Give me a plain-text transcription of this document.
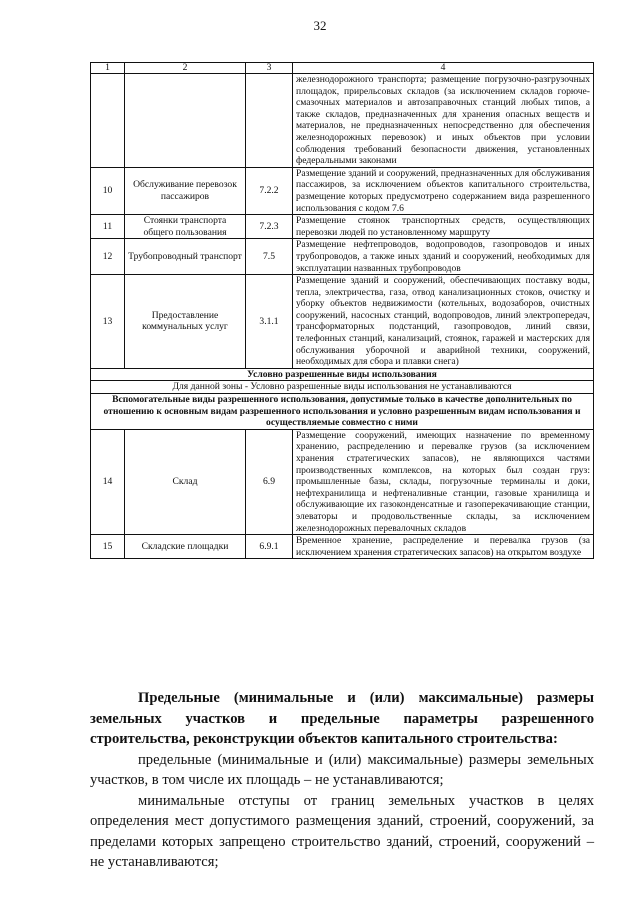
32
1	2	3	4
			железнодорожного транспорта; размещение погрузочно-разгрузочных площадок, прирельсовых складов (за исключением складов горюче-смазочных материалов и автозаправочных станций любых типов, а также складов, предназначенных для хранения опасных веществ и материалов, не предназначенных непосредственно для обеспечения железнодорожных перевозок) и иных объектов при условии соблюдения требований безопасности движения, установленных федеральными законами
10	Обслуживание перевозок пассажиров	7.2.2	Размещение зданий и сооружений, предназначенных для обслуживания пассажиров, за исключением объектов капитального строительства, размещение которых предусмотрено содержанием вида разрешенного использования с кодом 7.6
11	Стоянки транспорта общего пользования	7.2.3	Размещение стоянок транспортных средств, осуществляющих перевозки людей по установленному маршруту
12	Трубопроводный транспорт	7.5	Размещение нефтепроводов, водопроводов, газопроводов и иных трубопроводов, а также иных зданий и сооружений, необходимых для эксплуатации названных трубопроводов
13	Предоставление коммунальных услуг	3.1.1	Размещение зданий и сооружений, обеспечивающих поставку воды, тепла, электричества, газа, отвод канализационных стоков, очистку и уборку объектов недвижимости (котельных, водозаборов, очистных сооружений, насосных станций, водопроводов, линий электропередач, трансформаторных подстанций, газопроводов, линий связи, телефонных станций, канализаций, стоянок, гаражей и мастерских для обслуживания уборочной и аварийной техники, сооружений, необходимых для сбора и плавки снега)
Условно разрешенные виды использования			
Для данной зоны - Условно разрешенные виды использования не устанавливаются			
Вспомогательные виды разрешенного использования, допустимые только в качестве дополнительных по отношению к основным видам разрешенного использования и условно разрешенным видам использования и осуществляемые совместно с ними			
14	Склад	6.9	Размещение сооружений, имеющих назначение по временному хранению, распределению и перевалке грузов (за исключением хранения стратегических запасов), не являющихся частями производственных комплексов, на которых был создан груз: промышленные базы, склады, погрузочные терминалы и доки, нефтехранилища и нефтеналивные станции, газовые хранилища и обслуживающие их газоконденсатные и газоперекачивающие станции, элеваторы и продовольственные склады, за исключением железнодорожных перевалочных складов
15	Складские площадки	6.9.1	Временное хранение, распределение и перевалка грузов (за исключением хранения стратегических запасов) на открытом воздухе

Предельные (минимальные и (или) максимальные) размеры земельных участков и предельные параметры разрешенного строительства, реконструкции объектов капитального строительства:

предельные (минимальные и (или) максимальные) размеры земельных участков, в том числе их площадь – не устанавливаются;

минимальные отступы от границ земельных участков в целях определения мест допустимого размещения зданий, строений, сооружений, за пределами которых запрещено строительство зданий, строений, сооружений – не устанавливаются;
